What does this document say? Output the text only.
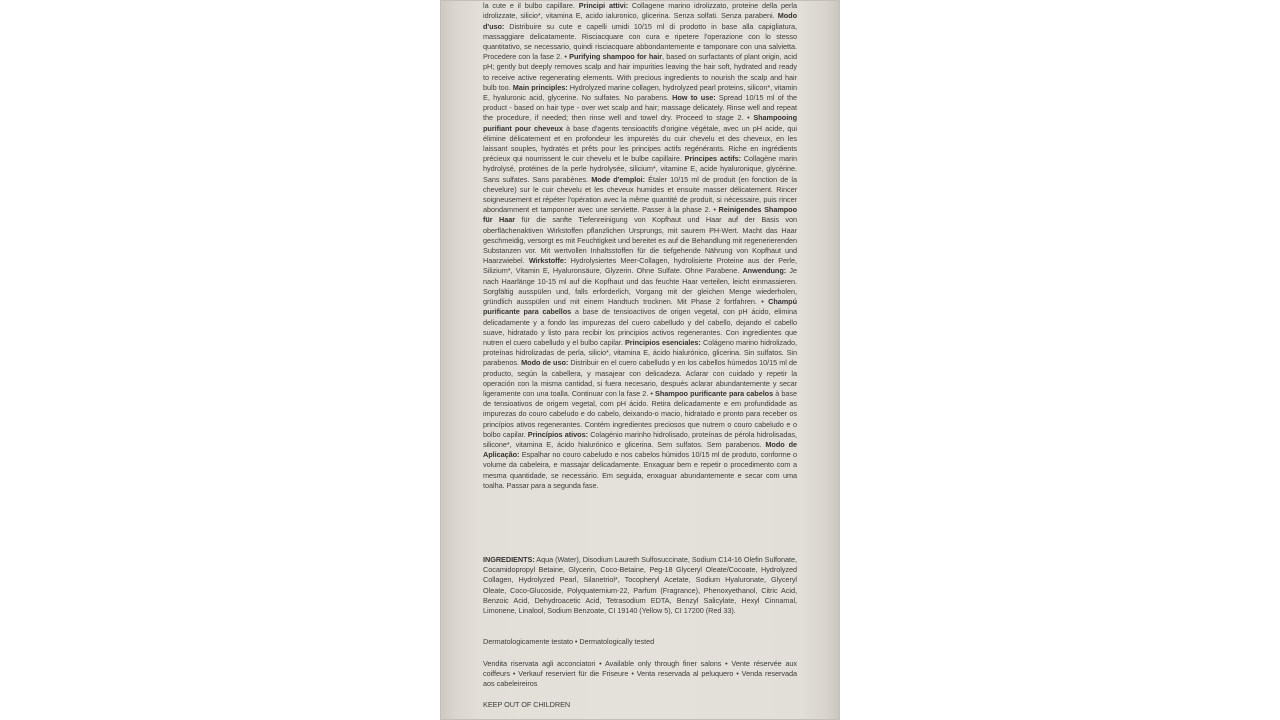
la cute e il bulbo capillare. Principi attivi: Collagene marino idrolizzato, proteine della perla idrolizzate, silicio*, vitamina E, acido ialuronico, glicerina. Senza solfati. Senza parabeni. Modo d'uso: Distribuire su cute e capelli umidi 10/15 ml di prodotto in base alla capigliatura, massaggiare delicatamente. Risciacquare con cura e ripetere l'operazione con lo stesso quantitativo, se necessario, quindi risciacquare abbondantemente e tamponare con una salvietta. Procedere con la fase 2. • Purifying shampoo for hair, based on surfactants of plant origin, acid pH; gently but deeply removes scalp and hair impurities leaving the hair soft, hydrated and ready to receive active regenerating elements. With precious ingredients to nourish the scalp and hair bulb too. Main principles: Hydrolyzed marine collagen, hydrolyzed pearl proteins, silicon*, vitamin E, hyaluronic acid, glycerine. No sulfates. No parabens. How to use: Spread 10/15 ml of the product - based on hair type - over wet scalp and hair; massage delicately. Rinse well and repeat the procedure, if needed; then rinse well and towel dry. Proceed to stage 2. • Shampooing purifiant pour cheveux à base d'agents tensioactifs d'origine végétale, avec un pH acide, qui élimine délicatement et en profondeur les impuretés du cuir chevelu et des cheveux, en les laissant souples, hydratés et prêts pour les principes actifs regénérants. Riche en ingrédients précieux qui nourrissent le cuir chevelu et le bulbe capillaire. Principes actifs: Collagène marin hydrolysé, protéines de la perle hydrolysée, silicium*, vitamine E, acide hyaluronique, glycérine. Sans sulfates. Sans parabènes. Mode d'emploi: Étaler 10/15 ml de produit (en fonction de la chevelure) sur le cuir chevelu et les cheveux humides et ensuite masser délicatement. Rincer soigneusement et répéter l'opération avec la même quantité de produit, si nécessaire, puis rincer abondamment et tamponner avec une serviette. Passer à la phase 2. • Reinigendes Shampoo für Haar für die sanfte Tiefenreinigung von Kopfhaut und Haar auf der Basis von oberflächenaktiven Wirkstoffen pflanzlichen Ursprungs, mit saurem PH-Wert. Macht das Haar geschmeidig, versorgt es mit Feuchtigkeit und bereitet es auf die Behandlung mit regenerierenden Substanzen vor. Mit wertvollen Inhaltsstoffen für die tiefgehende Nährung von Kopfhaut und Haarzwiebel. Wirkstoffe: Hydrolysiertes Meer-Collagen, hydrolisierte Proteine aus der Perle, Silizium*, Vitamin E, Hyaluronsäure, Glyzerin. Ohne Sulfate. Ohne Parabene. Anwendung: Je nach Haarlänge 10-15 ml auf die Kopfhaut und das feuchte Haar verteilen, leicht einmassieren. Sorgfältig ausspülen und, falls erforderlich, Vorgang mit der gleichen Menge wiederholen, gründlich ausspülen und mit einem Handtuch trocknen. Mit Phase 2 fortfahren. • Champú purificante para cabellos a base de tensioactivos de origen vegetal, con pH ácido, elimina delicadamente y a fondo las impurezas del cuero cabelludo y del cabello, dejando el cabello suave, hidratado y listo para recibir los principios activos regenerantes. Con ingredientes que nutren el cuero cabelludo y el bulbo capilar. Principios esenciales: Colágeno marino hidrolizado, proteínas hidrolizadas de perla, silicio*, vitamina E, ácido hialurónico, glicerina. Sin sulfatos. Sin parabenos. Modo de uso: Distribuir en el cuero cabelludo y en los cabellos húmedos 10/15 ml de producto, según la cabellera, y masajear con delicadeza. Aclarar con cuidado y repetir la operación con la misma cantidad, si fuera necesario, después aclarar abundantemente y secar ligeramente con una toalla. Continuar con la fase 2. • Shampoo purificante para cabelos à base de tensioativos de origem vegetal, com pH ácido. Retira delicadamente e em profundidade as impurezas do couro cabeludo e do cabelo, deixando-o macio, hidratado e pronto para receber os princípios ativos regenerantes. Contém ingredientes preciosos que nutrem o couro cabeludo e o bolbo capilar. Princípios ativos: Colagénio marinho hidrolisado, proteínas de pérola hidrolisadas, silicone*, vitamina E, ácido hialurónico e glicerina. Sem sulfatos. Sem parabenos. Modo de Aplicação: Espalhar no couro cabeludo e nos cabelos húmidos 10/15 ml de produto, conforme o volume da cabeleira, e massajar delicadamente. Enxaguar bem e repetir o procedimento com a mesma quantidade, se necessário. Em seguida, enxaguar abundantemente e secar com uma toalha. Passar para a segunda fase.

INGREDIENTS: Aqua (Water), Disodium Laureth Sulfosuccinate, Sodium C14-16 Olefin Sulfonate, Cocamidopropyl Betaine, Glycerin, Coco-Betaine, Peg-18 Glyceryl Oleate/Cocoate, Hydrolyzed Collagen, Hydrolyzed Pearl, Silanetriol*, Tocopheryl Acetate, Sodium Hyaluronate, Glyceryl Oleate, Coco-Glucoside, Polyquaternium-22, Parfum (Fragrance), Phenoxyethanol, Citric Acid, Benzoic Acid, Dehydroacetic Acid, Tetrasodium EDTA, Benzyl Salicylate, Hexyl Cinnamal, Limonene, Linalool, Sodium Benzoate, CI 19140 (Yellow 5), CI 17200 (Red 33).

Dermatologicamente testato • Dermatologically tested

Vendita riservata agli acconciatori • Available only through finer salons • Vente réservée aux coiffeurs • Verkauf reserviert für die Friseure • Venta reservada al peluquero • Venda reservada aos cabeleireiros

KEEP OUT OF CHILDREN
